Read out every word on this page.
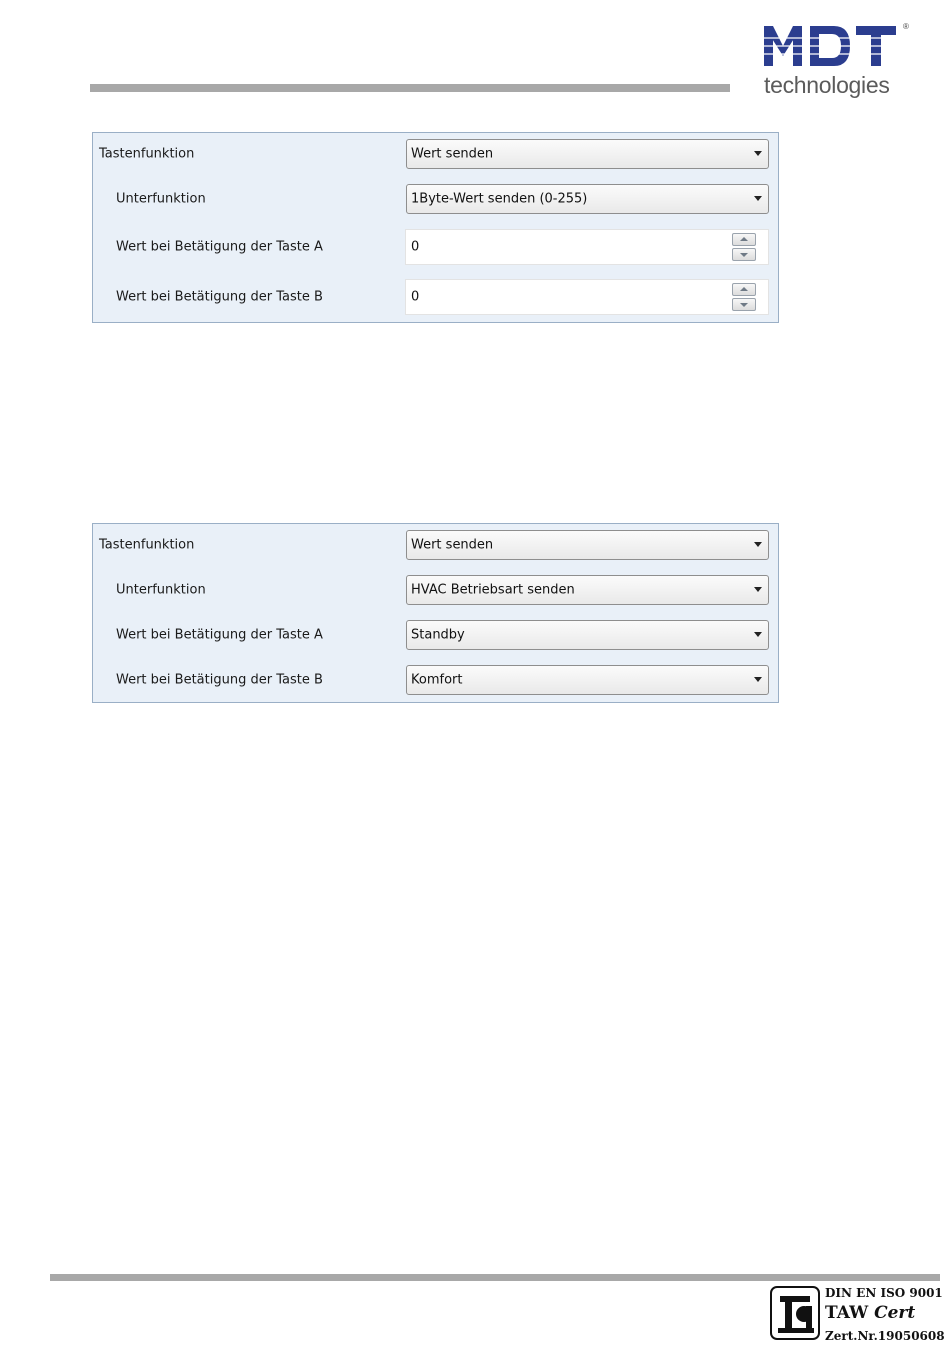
®
technologies
Tastenfunktion	Wert senden
Unterfunktion	1Byte-Wert senden (0-255)
Wert bei Betätigung der Taste A	0
Wert bei Betätigung der Taste B	0
Tastenfunktion	Wert senden
Unterfunktion	HVAC Betriebsart senden
Wert bei Betätigung der Taste A	Standby
Wert bei Betätigung der Taste B	Komfort
DIN EN ISO 9001
TAW Cert
Zert.Nr.19050608
